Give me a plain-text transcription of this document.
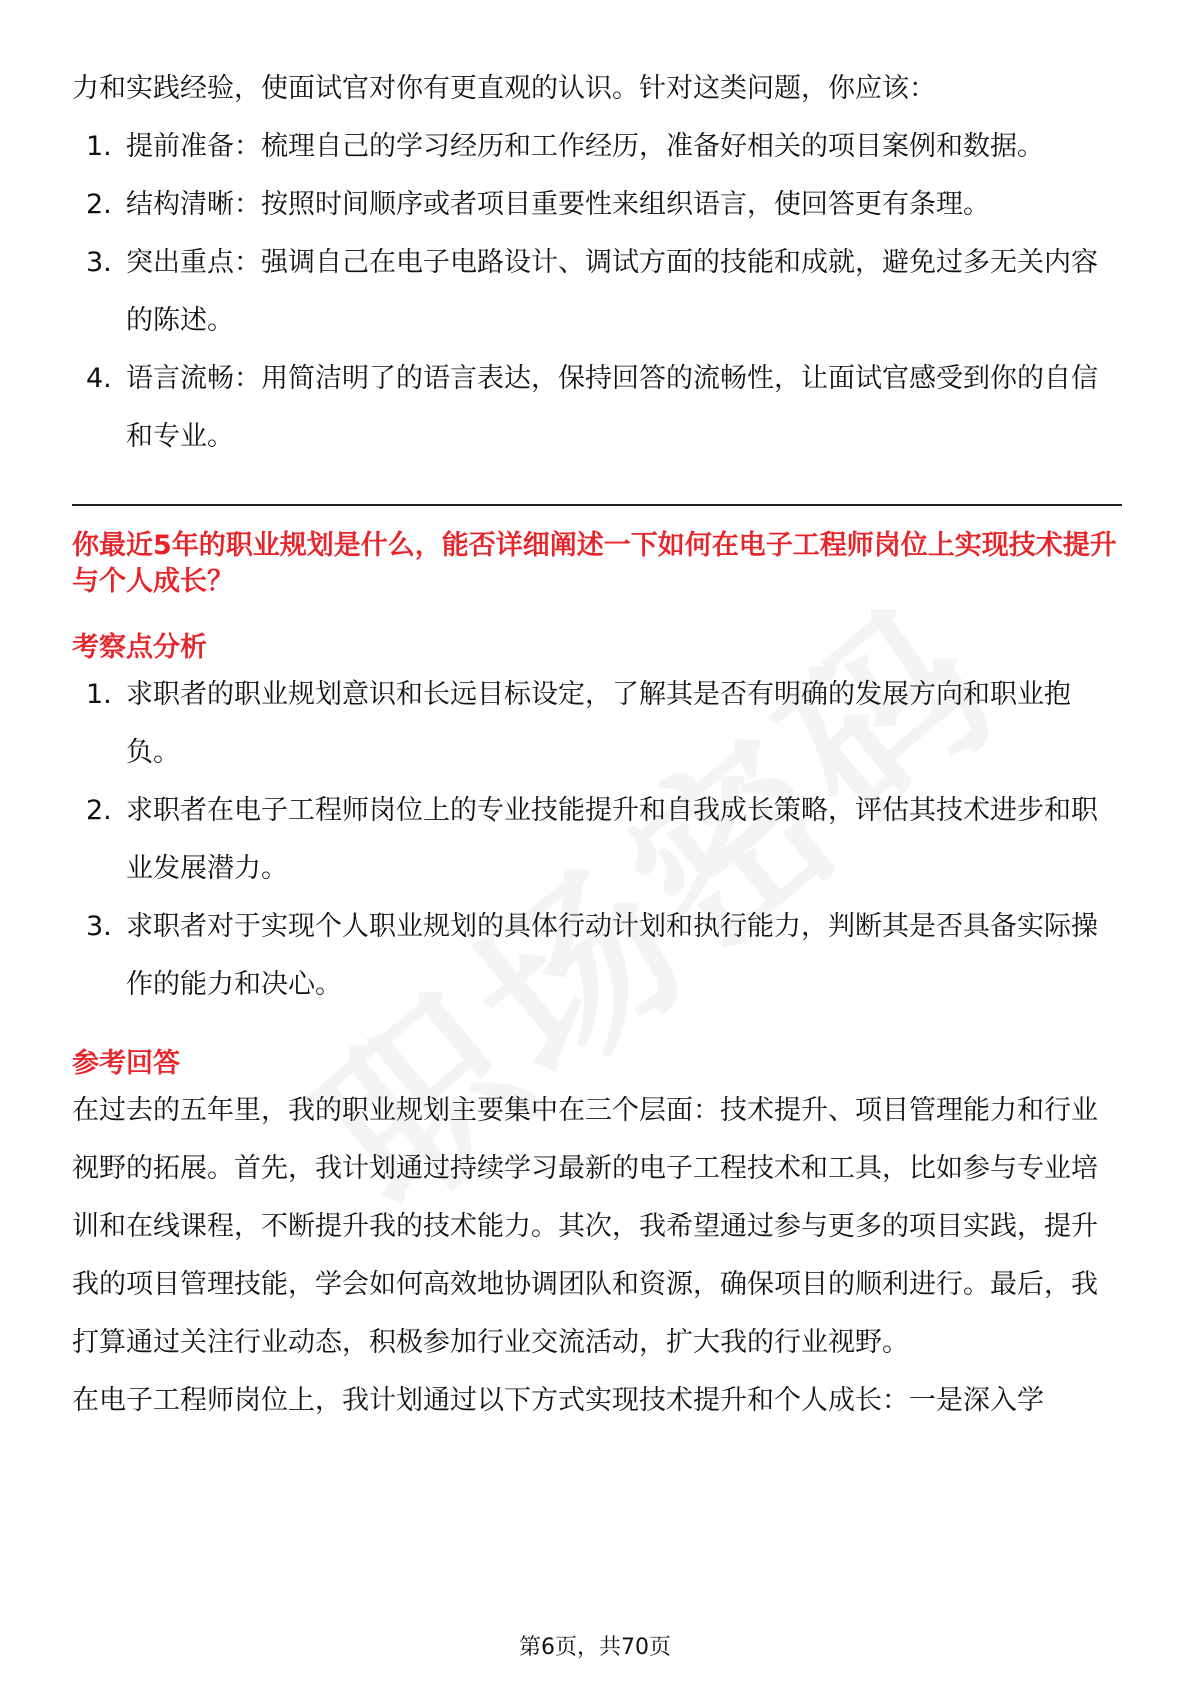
力和实践经验，使面试官对你有更直观的认识。针对这类问题，你应该：

1. 提前准备：梳理自己的学习经历和工作经历，准备好相关的项目案例和数据。
2. 结构清晰：按照时间顺序或者项目重要性来组织语言，使回答更有条理。
3. 突出重点：强调自己在电子电路设计、调试方面的技能和成就，避免过多无关内容的陈述。
4. 语言流畅：用简洁明了的语言表达，保持回答的流畅性，让面试官感受到你的自信和专业。

你最近5年的职业规划是什么，能否详细阐述一下如何在电子工程师岗位上实现技术提升与个人成长？

考察点分析

1. 求职者的职业规划意识和长远目标设定，了解其是否有明确的发展方向和职业抱负。
2. 求职者在电子工程师岗位上的专业技能提升和自我成长策略，评估其技术进步和职业发展潜力。
3. 求职者对于实现个人职业规划的具体行动计划和执行能力，判断其是否具备实际操作的能力和决心。

参考回答

在过去的五年里，我的职业规划主要集中在三个层面：技术提升、项目管理能力和行业视野的拓展。首先，我计划通过持续学习最新的电子工程技术和工具，比如参与专业培训和在线课程，不断提升我的技术能力。其次，我希望通过参与更多的项目实践，提升我的项目管理技能，学会如何高效地协调团队和资源，确保项目的顺利进行。最后，我打算通过关注行业动态，积极参加行业交流活动，扩大我的行业视野。

在电子工程师岗位上，我计划通过以下方式实现技术提升和个人成长：一是深入学

第6页，共70页
